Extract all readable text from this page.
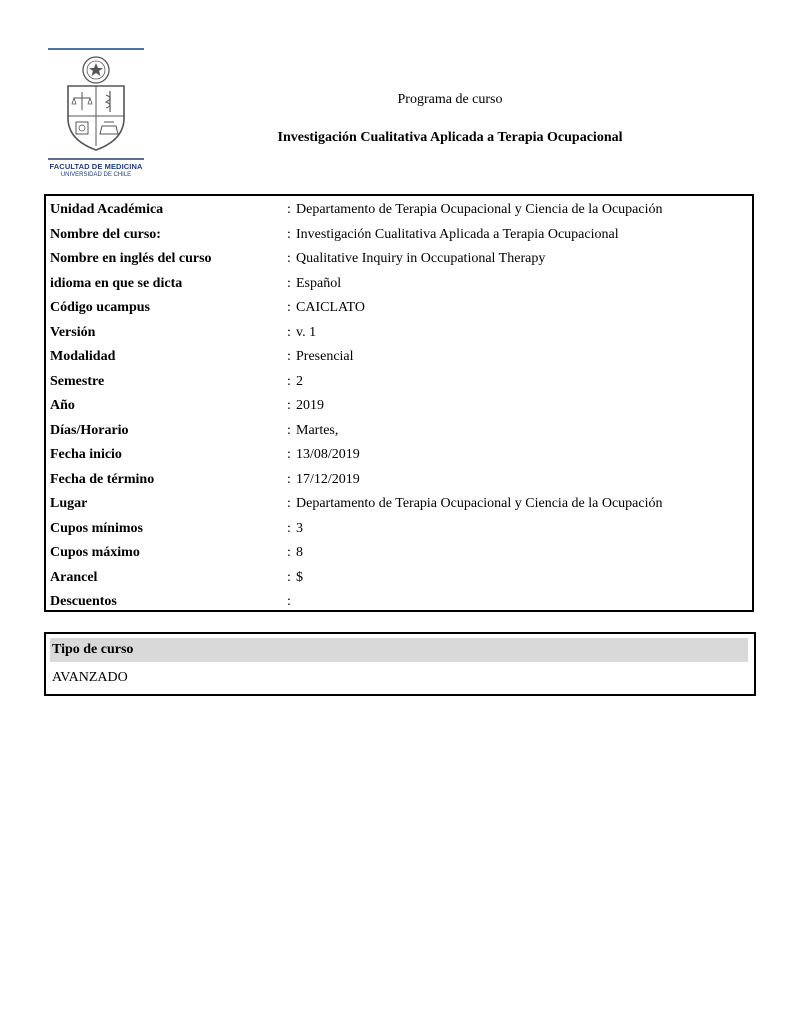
FACULTAD DE MEDICINA
UNIVERSIDAD DE CHILE
Programa de curso
Investigación Cualitativa Aplicada a Terapia Ocupacional
Unidad Académica	: Departamento de Terapia Ocupacional y Ciencia de la Ocupación
Nombre del curso:	: Investigación Cualitativa Aplicada a Terapia Ocupacional
Nombre en inglés del curso	: Qualitative Inquiry in Occupational Therapy
idioma en que se dicta	: Español
Código ucampus	: CAICLATO
Versión	: v. 1
Modalidad	: Presencial
Semestre	: 2
Año	: 2019
Días/Horario	: Martes,
Fecha inicio	: 13/08/2019
Fecha de término	: 17/12/2019
Lugar	: Departamento de Terapia Ocupacional y Ciencia de la Ocupación
Cupos mínimos	: 3
Cupos máximo	: 8
Arancel	: $
Descuentos	:
Tipo de curso
AVANZADO
